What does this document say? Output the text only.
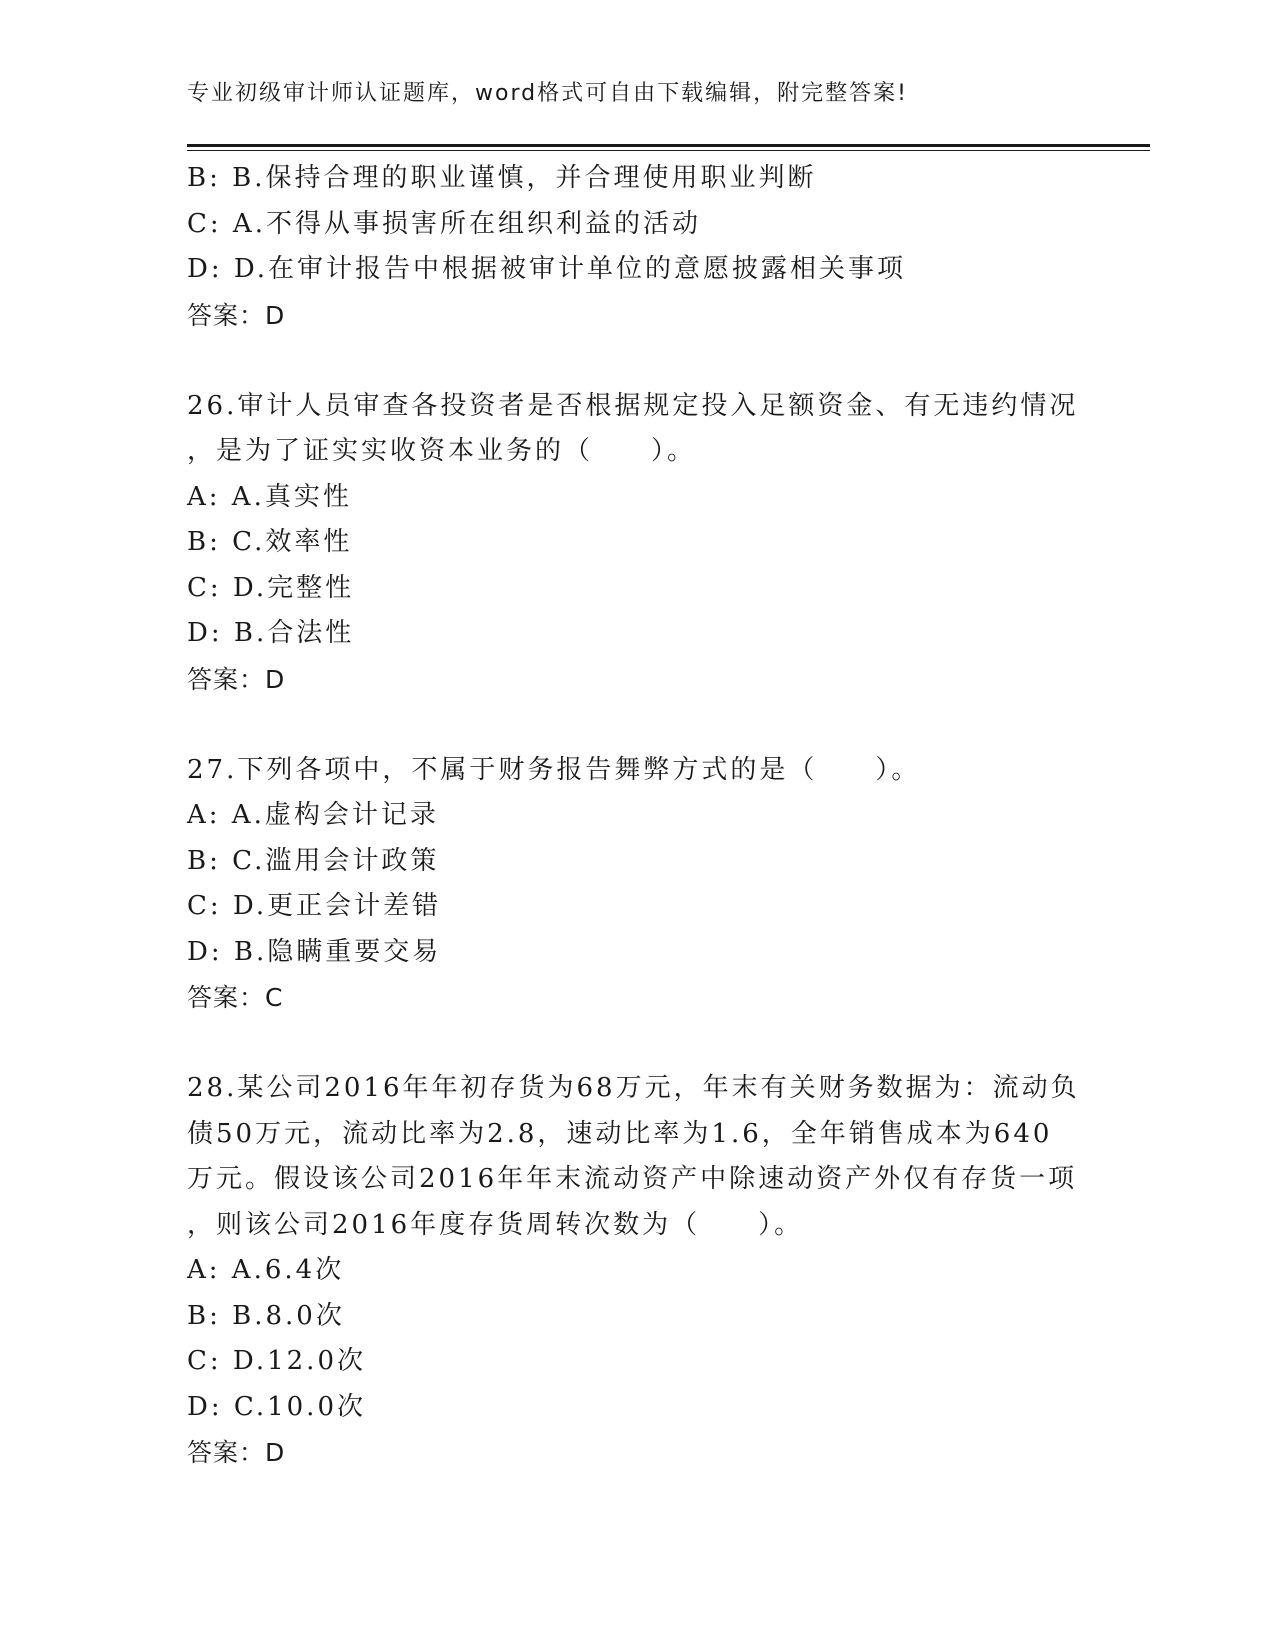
专业初级审计师认证题库，word格式可自由下载编辑，附完整答案!
B: B.保持合理的职业谨慎，并合理使用职业判断
C: A.不得从事损害所在组织利益的活动
D: D.在审计报告中根据被审计单位的意愿披露相关事项
答案：D
26.审计人员审查各投资者是否根据规定投入足额资金、有无违约情况
，是为了证实实收资本业务的（　　）。
A: A.真实性
B: C.效率性
C: D.完整性
D: B.合法性
答案：D
27.下列各项中，不属于财务报告舞弊方式的是（　　）。
A: A.虚构会计记录
B: C.滥用会计政策
C: D.更正会计差错
D: B.隐瞒重要交易
答案：C
28.某公司2016年年初存货为68万元，年末有关财务数据为：流动负
债50万元，流动比率为2.8，速动比率为1.6，全年销售成本为640
万元。假设该公司2016年年末流动资产中除速动资产外仅有存货一项
，则该公司2016年度存货周转次数为（　　）。
A: A.6.4次
B: B.8.0次
C: D.12.0次
D: C.10.0次
答案：D
